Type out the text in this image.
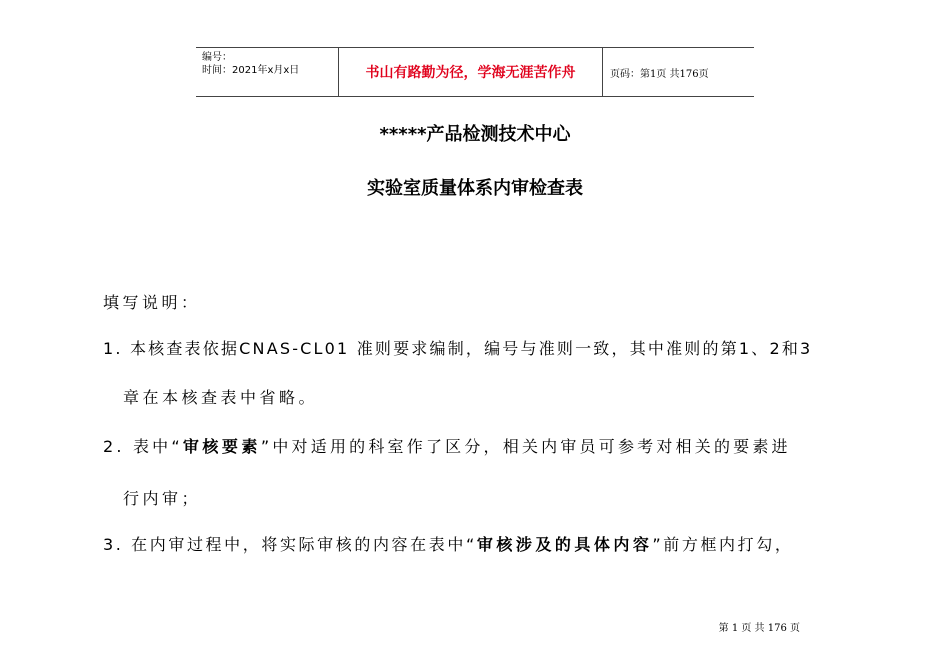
编号：
时间：2021年x月x日	书山有路勤为径，学海无涯苦作舟	页码：第1页 共176页
*****产品检测技术中心
实验室质量体系内审检查表
填写说明：
1. 本核查表依据CNAS-CL01 准则要求编制，编号与准则一致，其中准则的第1、2和3
章在本核查表中省略。
2. 表中“审核要素”中对适用的科室作了区分，相关内审员可参考对相关的要素进
行内审；
3. 在内审过程中，将实际审核的内容在表中“审核涉及的具体内容”前方框内打勾，
第 1 页 共 176 页
